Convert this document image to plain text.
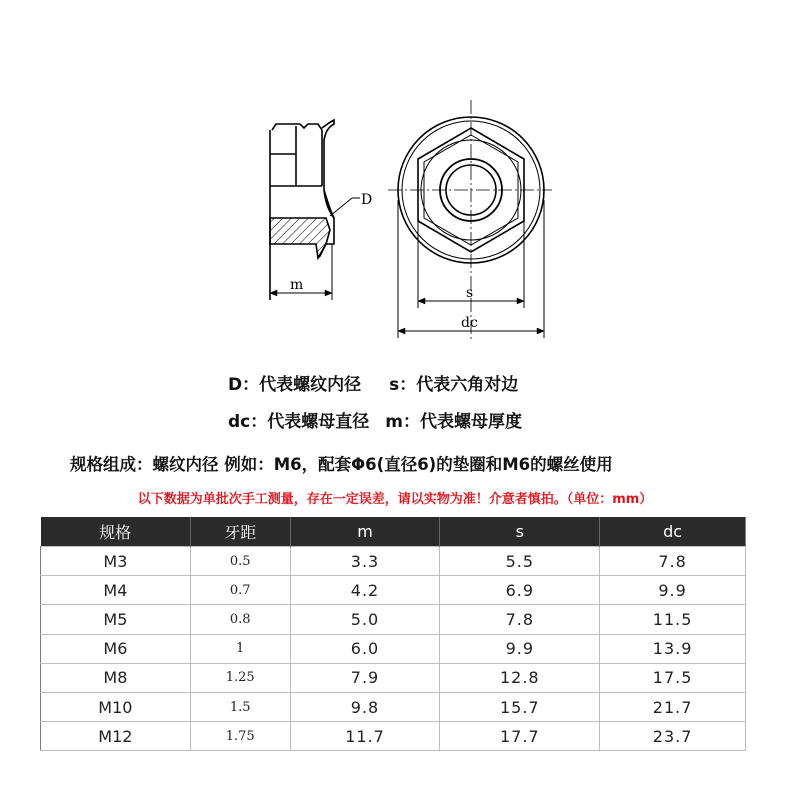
D
m	s
dc
D：代表螺纹内径 s：代表六角对边
dc：代表螺母直径 m：代表螺母厚度
规格组成：螺纹内径 例如：M6，配套Φ6(直径6)的垫圈和M6的螺丝使用
以下数据为单批次手工测量，存在一定误差，请以实物为准！介意者慎拍。（单位：mm）
规格	牙距	m	s	dc
M3	0.5	3.3	5.5	7.8
M4	0.7	4.2	6.9	9.9
M5	0.8	5.0	7.8	11.5
M6	1	6.0	9.9	13.9
M8	1.25	7.9	12.8	17.5
M10	1.5	9.8	15.7	21.7
M12	1.75	11.7	17.7	23.7
